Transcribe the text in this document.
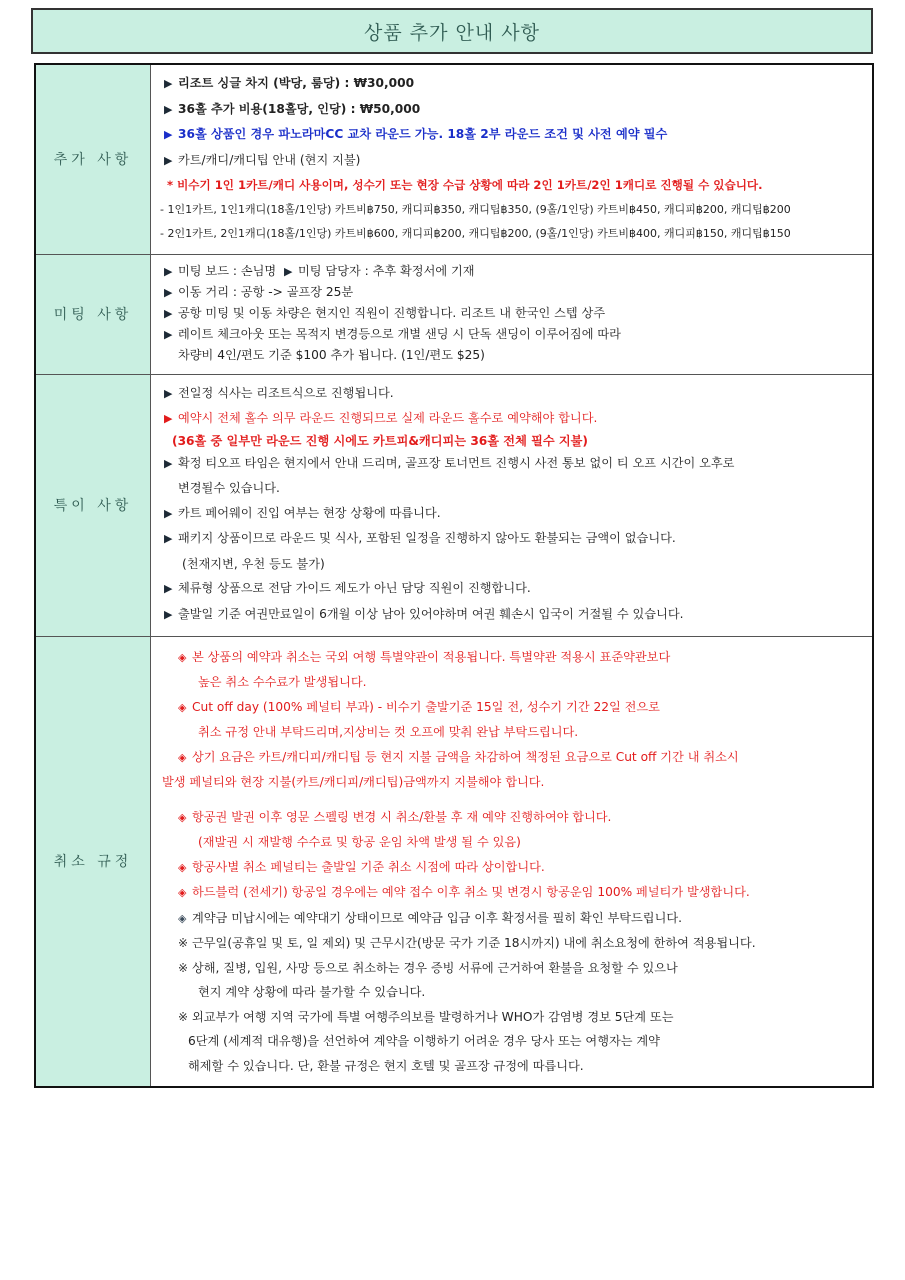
상품 추가 안내 사항
추가 사항	
▶ 리조트 싱글 차지 (박당, 룸당) : ₩30,000
▶ 36홀 추가 비용(18홀당, 인당) : ₩50,000
▶ 36홀 상품인 경우 파노라마CC 교차 라운드 가능. 18홀 2부 라운드 조건 및 사전 예약 필수
▶ 카트/캐디/캐디팁 안내 (현지 지불)
* 비수기 1인 1카트/캐디 사용이며, 성수기 또는 현장 수급 상황에 따라 2인 1카트/2인 1캐디로 진행될 수 있습니다.
- 1인1카트, 1인1캐디(18홀/1인당) 카트비฿750, 캐디피฿350, 캐디팁฿350, (9홀/1인당) 카트비฿450, 캐디피฿200, 캐디팁฿200
- 2인1카트, 2인1캐디(18홀/1인당) 카트비฿600, 캐디피฿200, 캐디팁฿200, (9홀/1인당) 카트비฿400, 캐디피฿150, 캐디팁฿150

미팅 사항	▶ 미팅 보드 : 손님명 ▶ 미팅 담당자 : 추후 확정서에 기재
▶ 이동 거리 : 공항 -> 골프장 25분
▶ 공항 미팅 및 이동 차량은 현지인 직원이 진행합니다. 리조트 내 한국인 스텝 상주
▶ 레이트 체크아웃 또는 목적지 변경등으로 개별 샌딩 시 단독 샌딩이 이루어짐에 따라
차량비 4인/편도 기준 $100 추가 됩니다. (1인/편도 $25)

특이 사항	
▶ 전일정 식사는 리조트식으로 진행됩니다.
▶ 예약시 전체 홀수 의무 라운드 진행되므로 실제 라운드 홀수로 예약해야 합니다.
(36홀 중 일부만 라운드 진행 시에도 카트피&캐디피는 36홀 전체 필수 지불)
▶ 확정 티오프 타임은 현지에서 안내 드리며, 골프장 토너먼트 진행시 사전 통보 없이 티 오프 시간이 오후로
변경될수 있습니다.
▶ 카트 페어웨이 진입 여부는 현장 상황에 따릅니다.
▶ 패키지 상품이므로 라운드 및 식사, 포함된 일정을 진행하지 않아도 환불되는 금액이 없습니다.
(천재지변, 우천 등도 불가)
▶ 체류형 상품으로 전담 가이드 제도가 아닌 담당 직원이 진행합니다.
▶ 출발일 기준 여권만료일이 6개월 이상 남아 있어야하며 여권 훼손시 입국이 거절될 수 있습니다.

취소 규정	
◈ 본 상품의 예약과 취소는 국외 여행 특별약관이 적용됩니다. 특별약관 적용시 표준약관보다
높은 취소 수수료가 발생됩니다.
◈ Cut off day (100% 페널티 부과) - 비수기 출발기준 15일 전, 성수기 기간 22일 전으로
취소 규정 안내 부탁드리며,지상비는 컷 오프에 맞춰 완납 부탁드립니다.
◈ 상기 요금은 카트/캐디피/캐디팁 등 현지 지불 금액을 차감하여 책정된 요금으로 Cut off 기간 내 취소시
발생 페널티와 현장 지불(카트/캐디피/캐디팁)금액까지 지불해야 합니다.
◈ 항공권 발권 이후 영문 스펠링 변경 시 취소/환불 후 재 예약 진행하여야 합니다.
(재발권 시 재발행 수수료 및 항공 운임 차액 발생 될 수 있음)
◈ 항공사별 취소 페널티는 출발일 기준 취소 시점에 따라 상이합니다.
◈ 하드블럭 (전세기) 항공일 경우에는 예약 접수 이후 취소 및 변경시 항공운임 100% 페널티가 발생합니다.
◈ 계약금 미납시에는 예약대기 상태이므로 예약금 입금 이후 확정서를 필히 확인 부탁드립니다.
※ 근무일(공휴일 및 토, 일 제외) 및 근무시간(방문 국가 기준 18시까지) 내에 취소요청에 한하여 적용됩니다.
※ 상해, 질병, 입원, 사망 등으로 취소하는 경우 증빙 서류에 근거하여 환불을 요청할 수 있으나
현지 계약 상황에 따라 불가할 수 있습니다.
※ 외교부가 여행 지역 국가에 특별 여행주의보를 발령하거나 WHO가 감염병 경보 5단계 또는
6단계 (세계적 대유행)을 선언하여 계약을 이행하기 어려운 경우 당사 또는 여행자는 계약
해제할 수 있습니다. 단, 환불 규정은 현지 호텔 및 골프장 규정에 따릅니다.
